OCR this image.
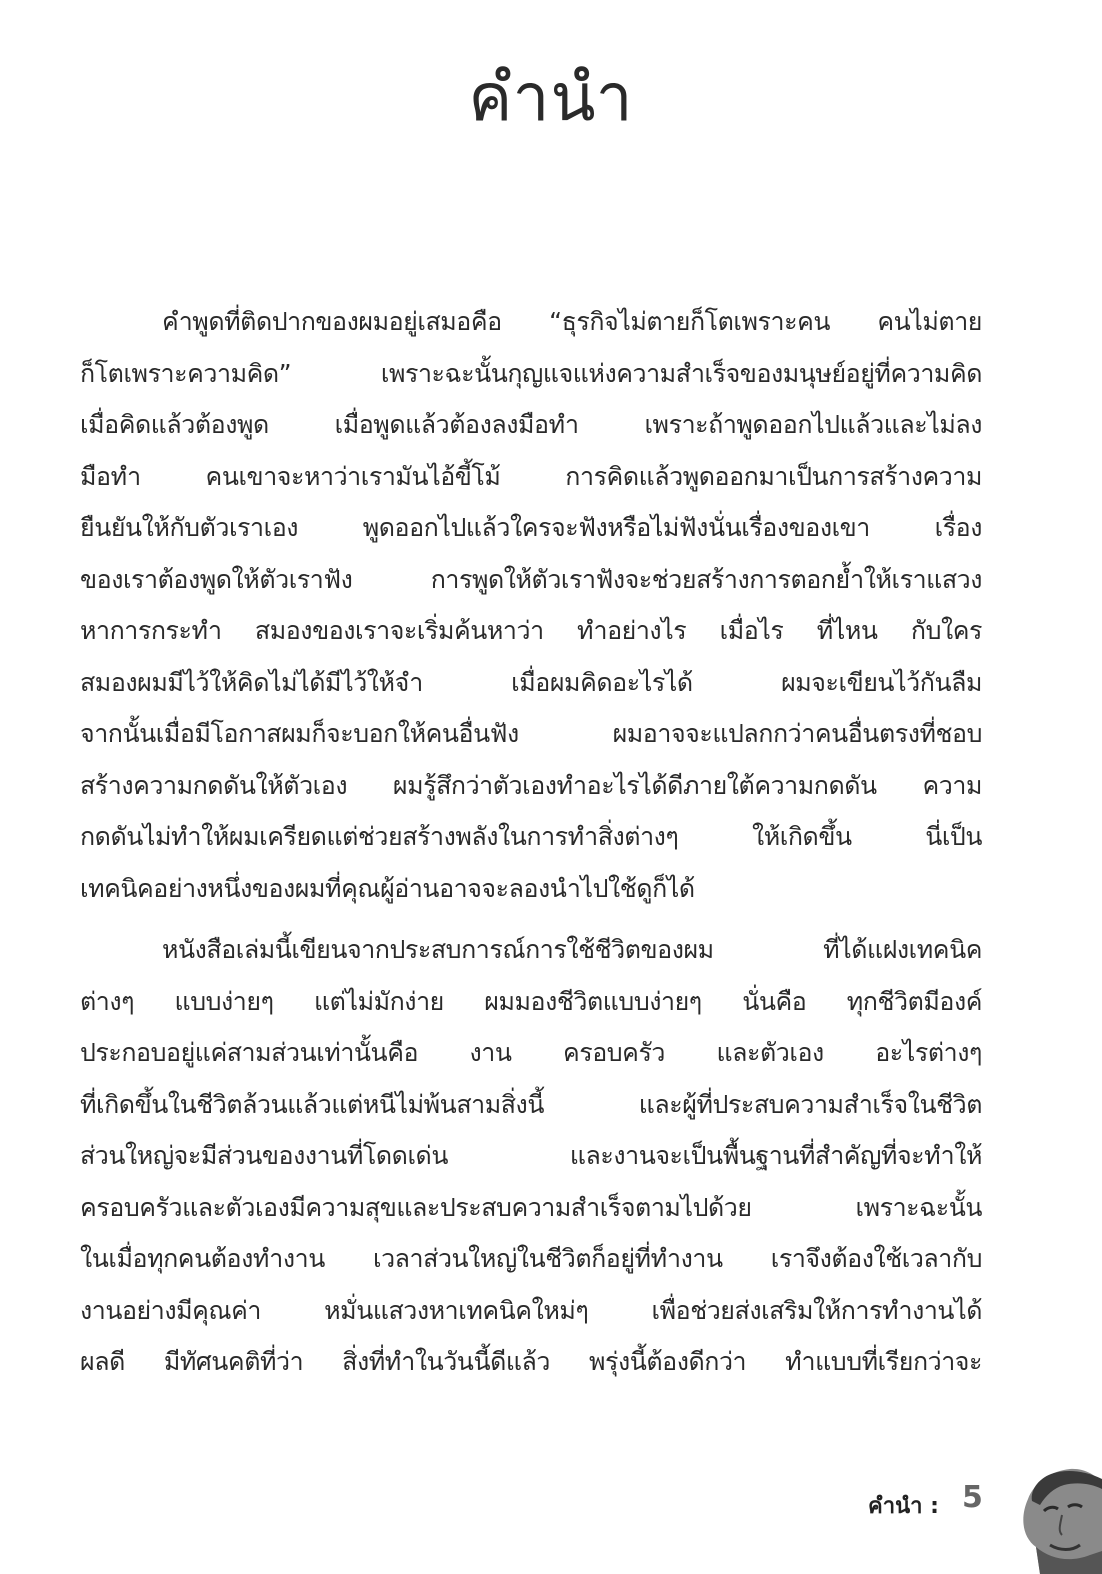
คำนำ
คำพูดที่ติดปากของผมอยู่เสมอคือ “ธุรกิจไม่ตายก็โตเพราะคน คนไม่ตาย
ก็โตเพราะความคิด” เพราะฉะนั้นกุญแจแห่งความสำเร็จของมนุษย์อยู่ที่ความคิด
เมื่อคิดแล้วต้องพูด เมื่อพูดแล้วต้องลงมือทำ เพราะถ้าพูดออกไปแล้วและไม่ลง
มือทำ คนเขาจะหาว่าเรามันไอ้ขี้โม้ การคิดแล้วพูดออกมาเป็นการสร้างความ
ยืนยันให้กับตัวเราเอง พูดออกไปแล้วใครจะฟังหรือไม่ฟังนั่นเรื่องของเขา เรื่อง
ของเราต้องพูดให้ตัวเราฟัง การพูดให้ตัวเราฟังจะช่วยสร้างการตอกย้ำให้เราแสวง
หาการกระทำ สมองของเราจะเริ่มค้นหาว่า ทำอย่างไร เมื่อไร ที่ไหน กับใคร
สมองผมมีไว้ให้คิดไม่ได้มีไว้ให้จำ เมื่อผมคิดอะไรได้ ผมจะเขียนไว้กันลืม
จากนั้นเมื่อมีโอกาสผมก็จะบอกให้คนอื่นฟัง ผมอาจจะแปลกกว่าคนอื่นตรงที่ชอบ
สร้างความกดดันให้ตัวเอง ผมรู้สึกว่าตัวเองทำอะไรได้ดีภายใต้ความกดดัน ความ
กดดันไม่ทำให้ผมเครียดแต่ช่วยสร้างพลังในการทำสิ่งต่างๆ ให้เกิดขึ้น นี่เป็น
เทคนิคอย่างหนึ่งของผมที่คุณผู้อ่านอาจจะลองนำไปใช้ดูก็ได้
หนังสือเล่มนี้เขียนจากประสบการณ์การใช้ชีวิตของผม ที่ได้แฝงเทคนิค
ต่างๆ แบบง่ายๆ แต่ไม่มักง่าย ผมมองชีวิตแบบง่ายๆ นั่นคือ ทุกชีวิตมีองค์
ประกอบอยู่แค่สามส่วนเท่านั้นคือ งาน ครอบครัว และตัวเอง อะไรต่างๆ
ที่เกิดขึ้นในชีวิตล้วนแล้วแต่หนีไม่พ้นสามสิ่งนี้ และผู้ที่ประสบความสำเร็จในชีวิต
ส่วนใหญ่จะมีส่วนของงานที่โดดเด่น และงานจะเป็นพื้นฐานที่สำคัญที่จะทำให้
ครอบครัวและตัวเองมีความสุขและประสบความสำเร็จตามไปด้วย เพราะฉะนั้น
ในเมื่อทุกคนต้องทำงาน เวลาส่วนใหญ่ในชีวิตก็อยู่ที่ทำงาน เราจึงต้องใช้เวลากับ
งานอย่างมีคุณค่า หมั่นแสวงหาเทคนิคใหม่ๆ เพื่อช่วยส่งเสริมให้การทำงานได้
ผลดี มีทัศนคติที่ว่า สิ่งที่ทำในวันนี้ดีแล้ว พรุ่งนี้ต้องดีกว่า ทำแบบที่เรียกว่าจะ
คำนำ : 5
